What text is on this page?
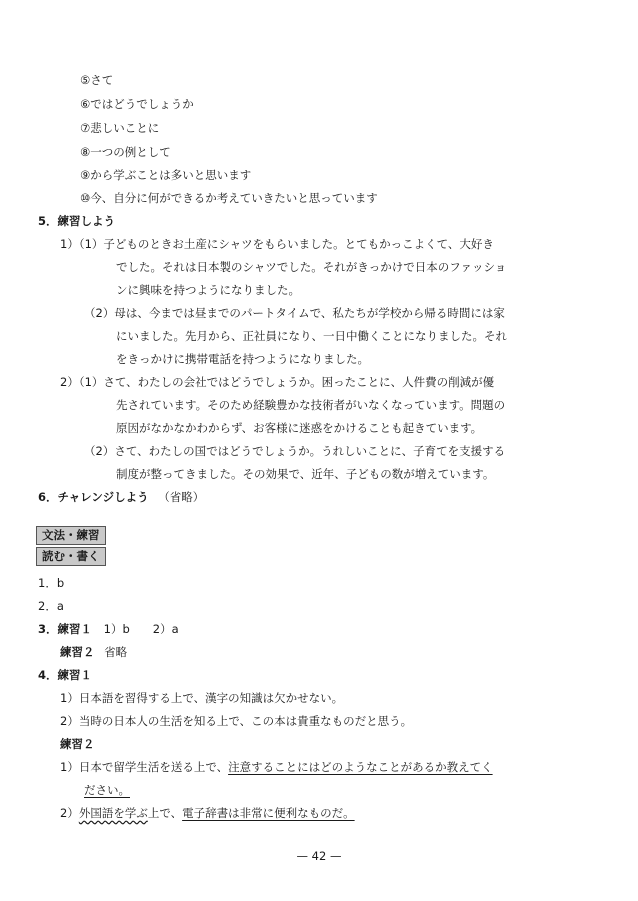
⑤さて
⑥ではどうでしょうか
⑦悲しいことに
⑧一つの例として
⑨から学ぶことは多いと思います
⑩今、自分に何ができるか考えていきたいと思っています
5．練習しよう
1）（1）子どものときお土産にシャツをもらいました。とてもかっこよくて、大好き
でした。それは日本製のシャツでした。それがきっかけで日本のファッショ
ンに興味を持つようになりました。
（2）母は、今までは昼までのパートタイムで、私たちが学校から帰る時間には家
にいました。先月から、正社員になり、一日中働くことになりました。それ
をきっかけに携帯電話を持つようになりました。
2）（1）さて、わたしの会社ではどうでしょうか。困ったことに、人件費の削減が優
先されています。そのため経験豊かな技術者がいなくなっています。問題の
原因がなかなかわからず、お客様に迷惑をかけることも起きています。
（2）さて、わたしの国ではどうでしょうか。うれしいことに、子育てを支援する
制度が整ってきました。その効果で、近年、子どもの数が増えています。
6．チャレンジしよう （省略）
文法・練習
読む・書く
1．b
2．a
3．練習１ 1）b　　2）a
練習２ 省略
4．練習１
1）日本語を習得する上で、漢字の知識は欠かせない。
2）当時の日本人の生活を知る上で、この本は貴重なものだと思う。
練習２
1）日本で留学生活を送る上で、注意することにはどのようなことがあるか教えてく
ださい。
2）外国語を学ぶ上で、電子辞書は非常に便利なものだ。
— 42 —
